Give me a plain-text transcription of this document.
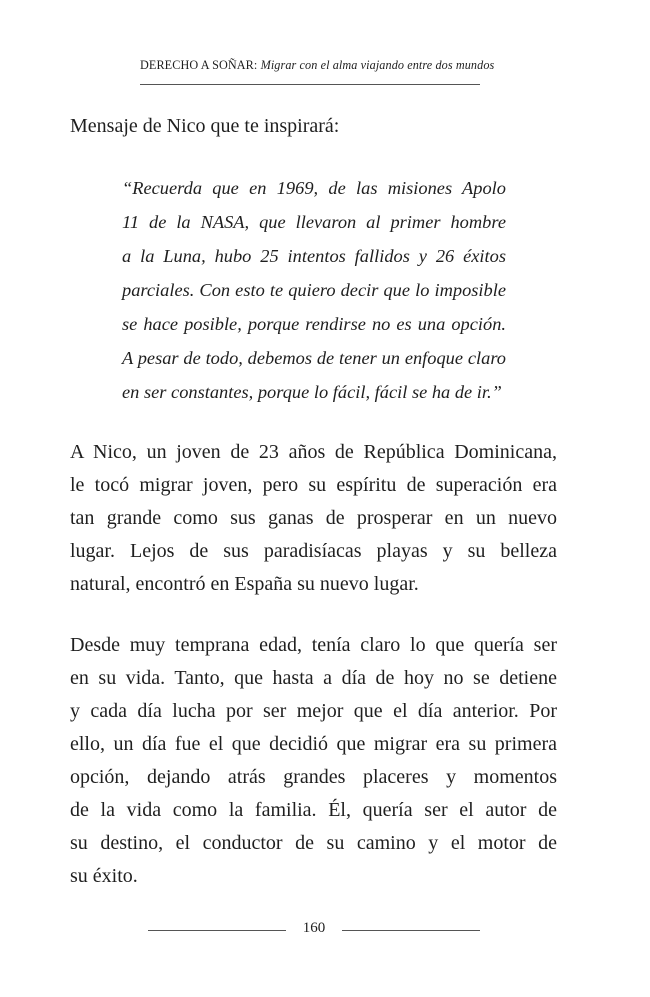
DERECHO A SOÑAR: Migrar con el alma viajando entre dos mundos
Mensaje de Nico que te inspirará:
“Recuerda que en 1969, de las misiones Apolo
11 de la NASA, que llevaron al primer hombre
a la Luna, hubo 25 intentos fallidos y 26 éxitos
parciales. Con esto te quiero decir que lo imposible
se hace posible, porque rendirse no es una opción.
A pesar de todo, debemos de tener un enfoque claro
en ser constantes, porque lo fácil, fácil se ha de ir.”
A Nico, un joven de 23 años de República Dominicana,
le tocó migrar joven, pero su espíritu de superación era
tan grande como sus ganas de prosperar en un nuevo
lugar. Lejos de sus paradisíacas playas y su belleza
natural, encontró en España su nuevo lugar.
Desde muy temprana edad, tenía claro lo que quería ser
en su vida. Tanto, que hasta a día de hoy no se detiene
y cada día lucha por ser mejor que el día anterior. Por
ello, un día fue el que decidió que migrar era su primera
opción, dejando atrás grandes placeres y momentos
de la vida como la familia. Él, quería ser el autor de
su destino, el conductor de su camino y el motor de
su éxito.
160
